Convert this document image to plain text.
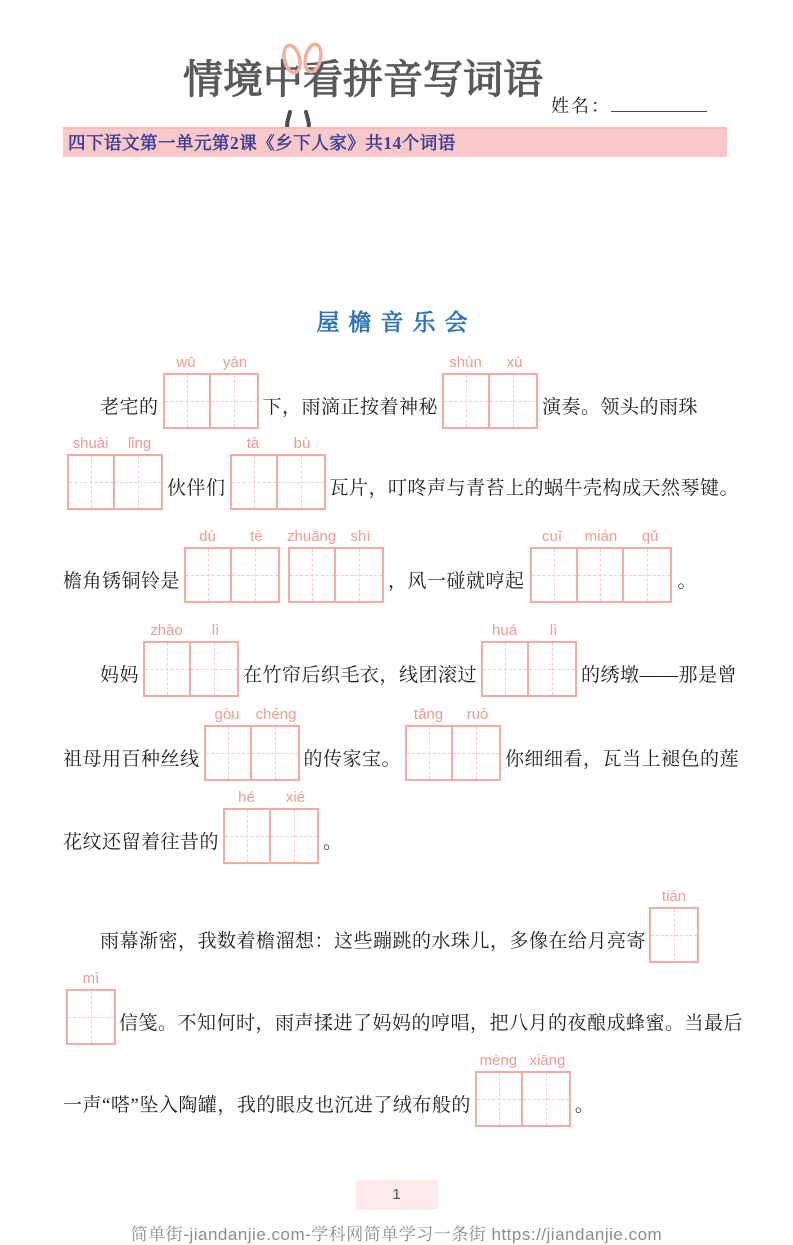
情境中看拼音写词语
姓名：
四下语文第一单元第2课《乡下人家》共14个词语
屋檐音乐会
老宅的
wū	yán
下，雨滴正按着神秘
shùn	xù
演奏。领头的雨珠
shuài	lǐng
伙伴们
tà	bù
瓦片，叮咚声与青苔上的蜗牛壳构成天然琴键。
檐角锈铜铃是
dú	tè	zhuāng shì
，风一碰就哼起
cuī	mián	qǔ
。
妈妈
zhào	lì
在竹帘后织毛衣，线团滚过
huá	lì
的绣墩——那是曾
祖母用百种丝线
gòu	chéng
的传家宝。
tǎng	ruò
你细细看，瓦当上褪色的莲
花纹还留着往昔的
hé	xié
。
雨幕渐密，我数着檐溜想：这些蹦跳的水珠儿，多像在给月亮寄
tián
mì
信笺。不知何时，雨声揉进了妈妈的哼唱，把八月的夜酿成蜂蜜。当最后
一声“嗒”坠入陶罐，我的眼皮也沉进了绒布般的
mèng xiāng
。
1
简单街-jiandanjie.com-学科网简单学习一条街 https://jiandanjie.com
